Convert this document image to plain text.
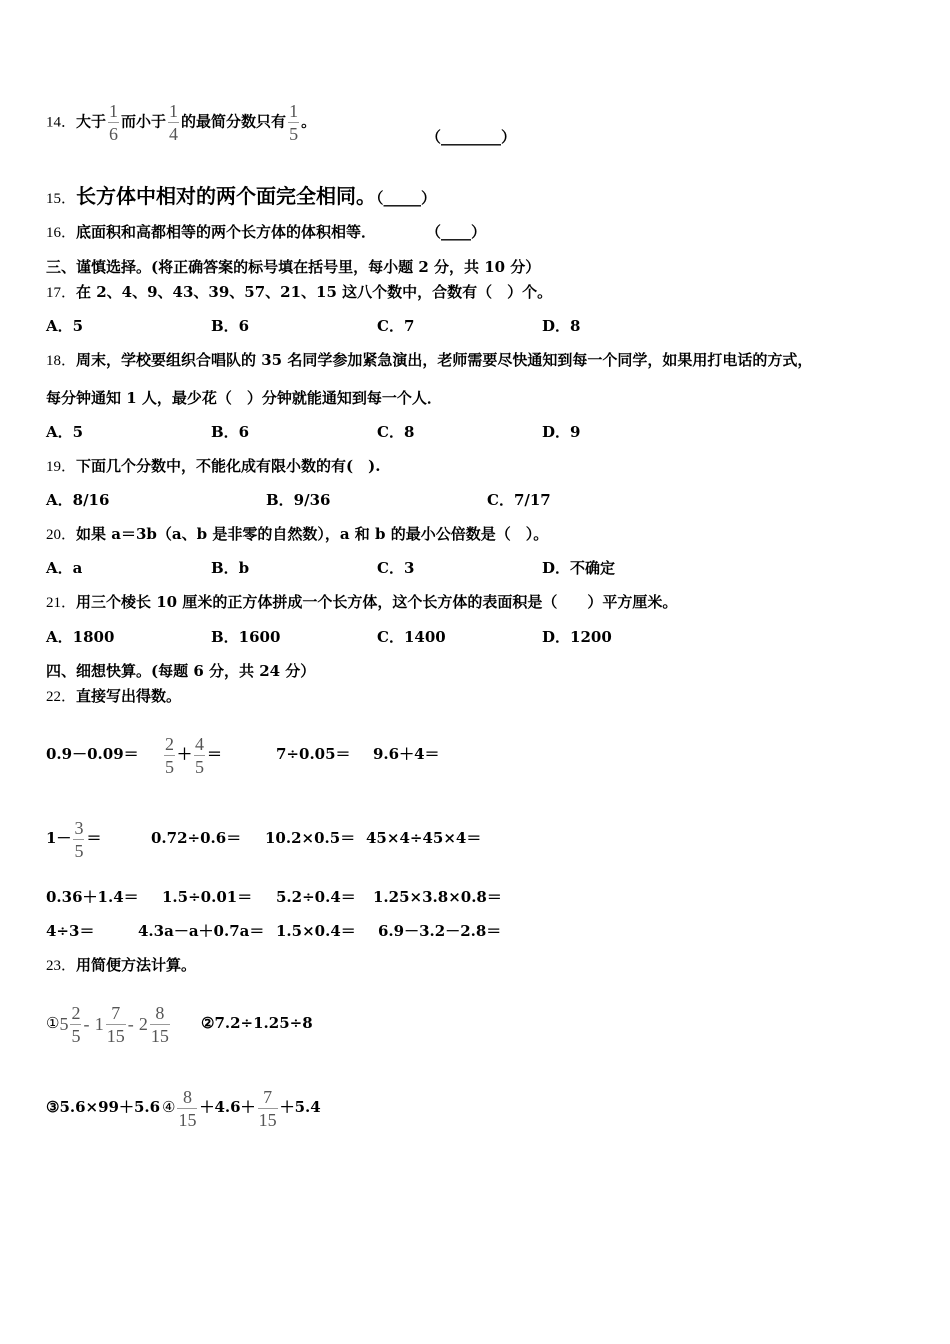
14．大于 $\frac{1}{6}$ 而小于 $\frac{1}{4}$ 的最简分数只有 $\frac{1}{5}$ 。
（________）
15．长方体中相对的两个面完全相同。（_____）
16．底面积和高都相等的两个长方体的体积相等．	（____）
三、谨慎选择。(将正确答案的标号填在括号里，每小题 2 分，共 10 分）
17．在 2、4、9、43、39、57、21、15 这八个数中，合数有（　）个。
A．5	B．6	C．7	D．8
18．周末，学校要组织合唱队的 35 名同学参加紧急演出，老师需要尽快通知到每一个同学，如果用打电话的方式，
每分钟通知 1 人，最少花（　）分钟就能通知到每一个人．
A．5	B．6	C．8	D．9
19．下面几个分数中，不能化成有限小数的有(　).
A．8/16	B．9/36	C．7/17
20．如果 a＝3b（a、b 是非零的自然数），a 和 b 的最小公倍数是（　）。
A．a	B．b	C．3	D．不确定
21．用三个棱长 10 厘米的正方体拼成一个长方体，这个长方体的表面积是（　　）平方厘米。
A．1800	B．1600	C．1400	D．1200
四、细想快算。(每题 6 分，共 24 分）
22．直接写出得数。
$0.9-0.09= \frac{2}{5} + \frac{4}{5}$ ＝	7÷0.05＝ 9.6＋4＝
$1- \frac{3}{5}$ ＝	0.72÷0.6＝ 10.2×0.5＝ 45×4÷45×4＝
0.36＋1.4＝ 1.5÷0.01＝ 5.2÷0.4＝ 1.25×3.8×0.8＝
4÷3＝	4.3a－a＋0.7a＝ 1.5×0.4＝ 6.9－3.2－2.8＝
23．用简便方法计算。
①5 $\frac{2}{5} - 1 \frac{7}{15} - 2 \frac{8}{15}$ ②7.2÷1.25÷8
③5.6×99＋5.6 ④ $\frac{8}{15} +4.6+ \frac{7}{15} +5.4$
